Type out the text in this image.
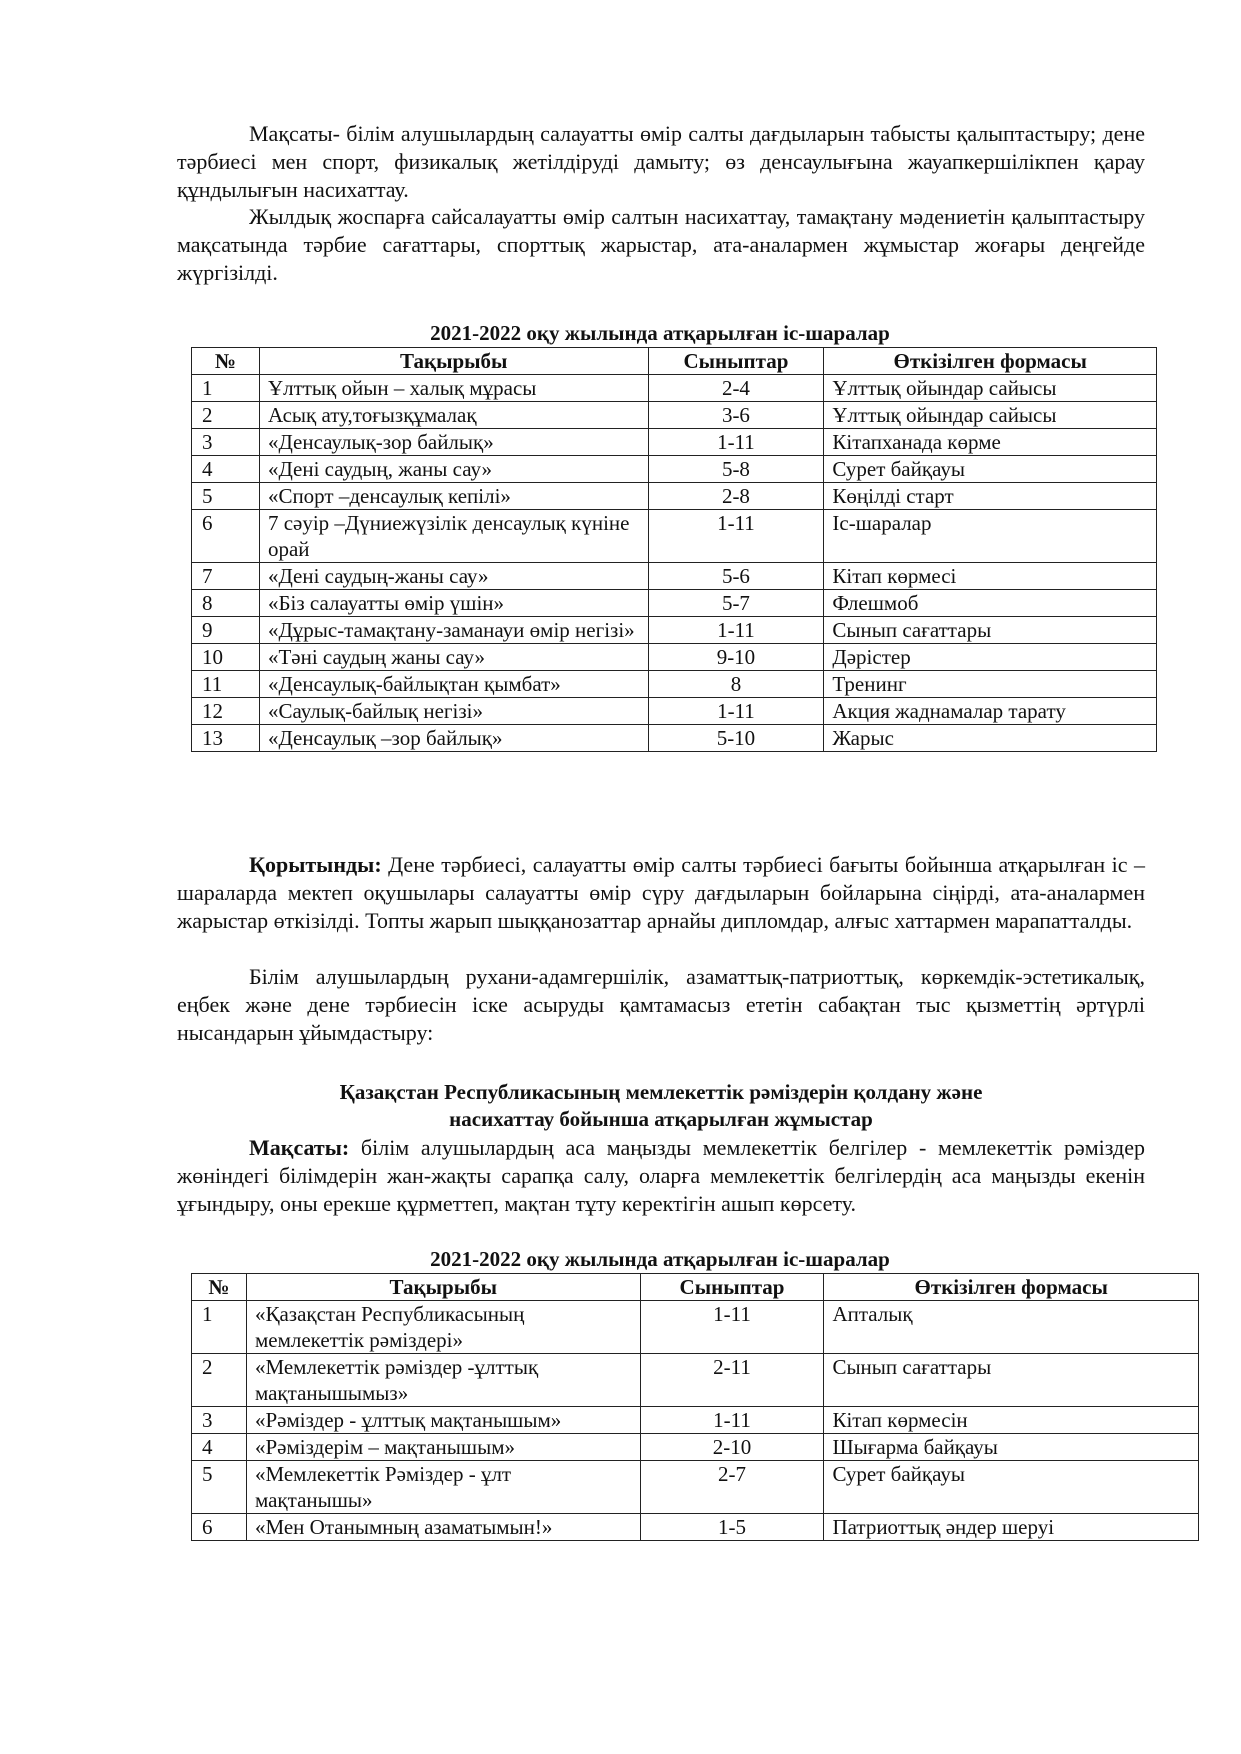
Мақсаты- білім алушылардың салауатты өмір салты дағдыларын табысты қалыптастыру; дене тәрбиесі мен спорт, физикалық жетілдіруді дамыту; өз денсаулығына жауапкершілікпен қарау құндылығын насихаттау.
Жылдық жоспарға сайсалауатты өмір салтын насихаттау, тамақтану мәдениетін қалыптастыру мақсатында тәрбие сағаттары, спорттық жарыстар, ата-аналармен жұмыстар жоғары деңгейде жүргізілді.
2021-2022 оқу жылында атқарылған іс-шаралар
№	Тақырыбы	Сыныптар	Өткізілген формасы
1	Ұлттық ойын – халық мұрасы	2-4	Ұлттық ойындар сайысы
2	Асық ату,тоғызқұмалақ	3-6	Ұлттық ойындар сайысы
3	«Денсаулық-зор байлық»	1-11	Кітапханада көрме
4	«Дені саудың, жаны сау»	5-8	Сурет байқауы
5	«Спорт –денсаулық кепілі»	2-8	Көңілді старт
6	7 сәуір –Дүниежүзілік денсаулық күніне орай	1-11	Іс-шаралар
7	«Дені саудың-жаны сау»	5-6	Кітап көрмесі
8	«Біз салауатты өмір үшін»	5-7	Флешмоб
9	«Дұрыс-тамақтану-заманауи өмір негізі»	1-11	Сынып сағаттары
10	«Тәні саудың жаны сау»	9-10	Дәрістер
11	«Денсаулық-байлықтан қымбат»	8	Тренинг
12	«Саулық-байлық негізі»	1-11	Акция жаднамалар тарату
13	«Денсаулық –зор байлық»	5-10	Жарыс
Қорытынды: Дене тәрбиесі, салауатты өмір салты тәрбиесі бағыты бойынша атқарылған іс –шараларда мектеп оқушылары салауатты өмір сүру дағдыларын бойларына сіңірді, ата-аналармен жарыстар өткізілді. Топты жарып шыққанозаттар арнайы дипломдар, алғыс хаттармен марапатталды.
Білім алушылардың рухани-адамгершілік, азаматтық-патриоттық, көркемдік-эстетикалық, еңбек және дене тәрбиесін іске асыруды қамтамасыз ететін сабақтан тыс қызметтің әртүрлі нысандарын ұйымдастыру:
Қазақстан Республикасының мемлекеттік рәміздерін қолдану және
насихаттау бойынша атқарылған жұмыстар
Мақсаты: білім алушылардың аса маңызды мемлекеттік белгілер - мемлекеттік рәміздер жөніндегі білімдерін жан-жақты сарапқа салу, оларға мемлекеттік белгілердің аса маңызды екенін ұғындыру, оны ерекше құрметтеп, мақтан тұту керектігін ашып көрсету.
2021-2022 оқу жылында атқарылған іс-шаралар
№	Тақырыбы	Сыныптар	Өткізілген формасы
1	«Қазақстан Республикасының мемлекеттік рәміздері»	1-11	Апталық
2	«Мемлекеттік рәміздер -ұлттық мақтанышымыз»	2-11	Сынып сағаттары
3	«Рәміздер - ұлттық мақтанышым»	1-11	Кітап көрмесін
4	«Рәміздерім – мақтанышым»	2-10	Шығарма байқауы
5	«Мемлекеттік Рәміздер - ұлт мақтанышы»	2-7	Сурет байқауы
6	«Мен Отанымның азаматымын!»	1-5	Патриоттық әндер шеруі
